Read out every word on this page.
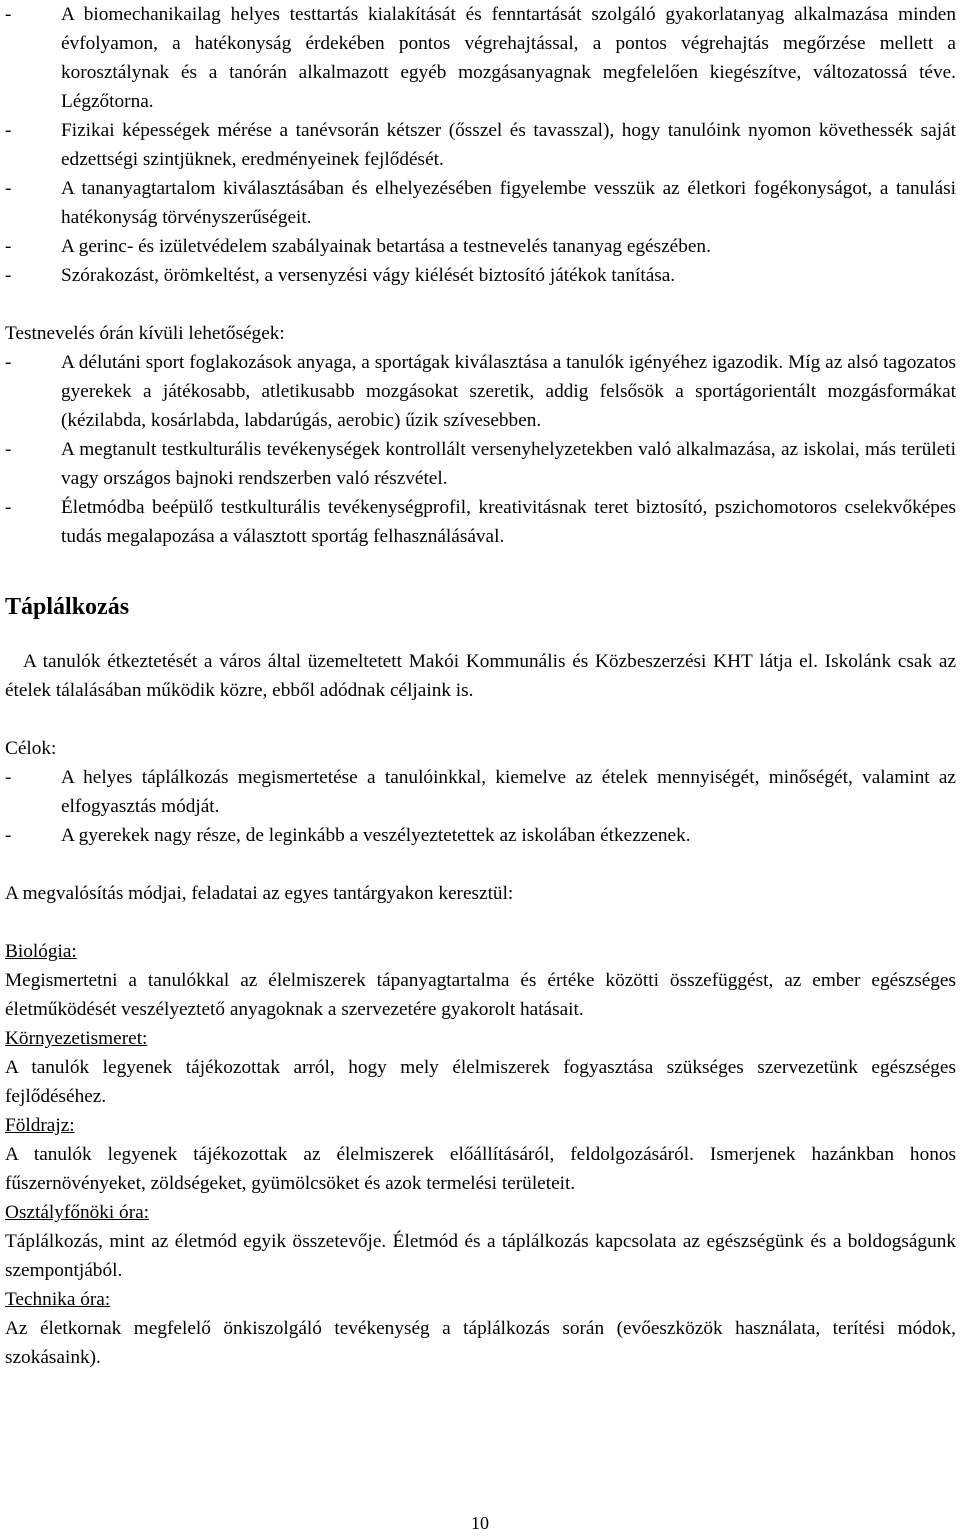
-	A biomechanikailag helyes testtartás kialakítását és fenntartását szolgáló gyakorlatanyag alkalmazása minden évfolyamon, a hatékonyság érdekében pontos végrehajtással, a pontos végrehajtás megőrzése mellett a korosztálynak és a tanórán alkalmazott egyéb mozgásanyagnak megfelelően kiegészítve, változatossá téve. Légzőtorna.
-	Fizikai képességek mérése a tanévsorán kétszer (ősszel és tavasszal), hogy tanulóink nyomon követhessék saját edzettségi szintjüknek, eredményeinek fejlődését.
-	A tananyagtartalom kiválasztásában és elhelyezésében figyelembe vesszük az életkori fogékonyságot, a tanulási hatékonyság törvényszerűségeit.
-	A gerinc- és izületvédelem szabályainak betartása a testnevelés tananyag egészében.
-	Szórakozást, örömkeltést, a versenyzési vágy kiélését biztosító játékok tanítása.

Testnevelés órán kívüli lehetőségek:

-	A délutáni sport foglakozások anyaga, a sportágak kiválasztása a tanulók igényéhez igazodik. Míg az alsó tagozatos gyerekek a játékosabb, atletikusabb mozgásokat szeretik, addig felsősök a sportágorientált mozgásformákat (kézilabda, kosárlabda, labdarúgás, aerobic) űzik szívesebben.
-	A megtanult testkulturális tevékenységek kontrollált versenyhelyzetekben való alkalmazása, az iskolai, más területi vagy országos bajnoki rendszerben való részvétel.
-	Életmódba beépülő testkulturális tevékenységprofil, kreativitásnak teret biztosító, pszichomotoros cselekvőképes tudás megalapozása a választott sportág felhasználásával.
Táplálkozás

A tanulók étkeztetését a város által üzemeltetett Makói Kommunális és Közbeszerzési KHT látja el. Iskolánk csak az ételek tálalásában működik közre, ebből adódnak céljaink is.

Célok:

-	A helyes táplálkozás megismertetése a tanulóinkkal, kiemelve az ételek mennyiségét, minőségét, valamint az elfogyasztás módját.
-	A gyerekek nagy része, de leginkább a veszélyeztetettek az iskolában étkezzenek.

A megvalósítás módjai, feladatai az egyes tantárgyakon keresztül:

Biológia:

Megismertetni a tanulókkal az élelmiszerek tápanyagtartalma és értéke közötti összefüggést, az ember egészséges életműködését veszélyeztető anyagoknak a szervezetére gyakorolt hatásait.

Környezetismeret:

A tanulók legyenek tájékozottak arról, hogy mely élelmiszerek fogyasztása szükséges szervezetünk egészséges fejlődéséhez.

Földrajz:

A tanulók legyenek tájékozottak az élelmiszerek előállításáról, feldolgozásáról. Ismerjenek hazánkban honos fűszernövényeket, zöldségeket, gyümölcsöket és azok termelési területeit.

Osztályfőnöki óra:

Táplálkozás, mint az életmód egyik összetevője. Életmód és a táplálkozás kapcsolata az egészségünk és a boldogságunk szempontjából.

Technika óra:

Az életkornak megfelelő önkiszolgáló tevékenység a táplálkozás során (evőeszközök használata, terítési módok, szokásaink).

10
